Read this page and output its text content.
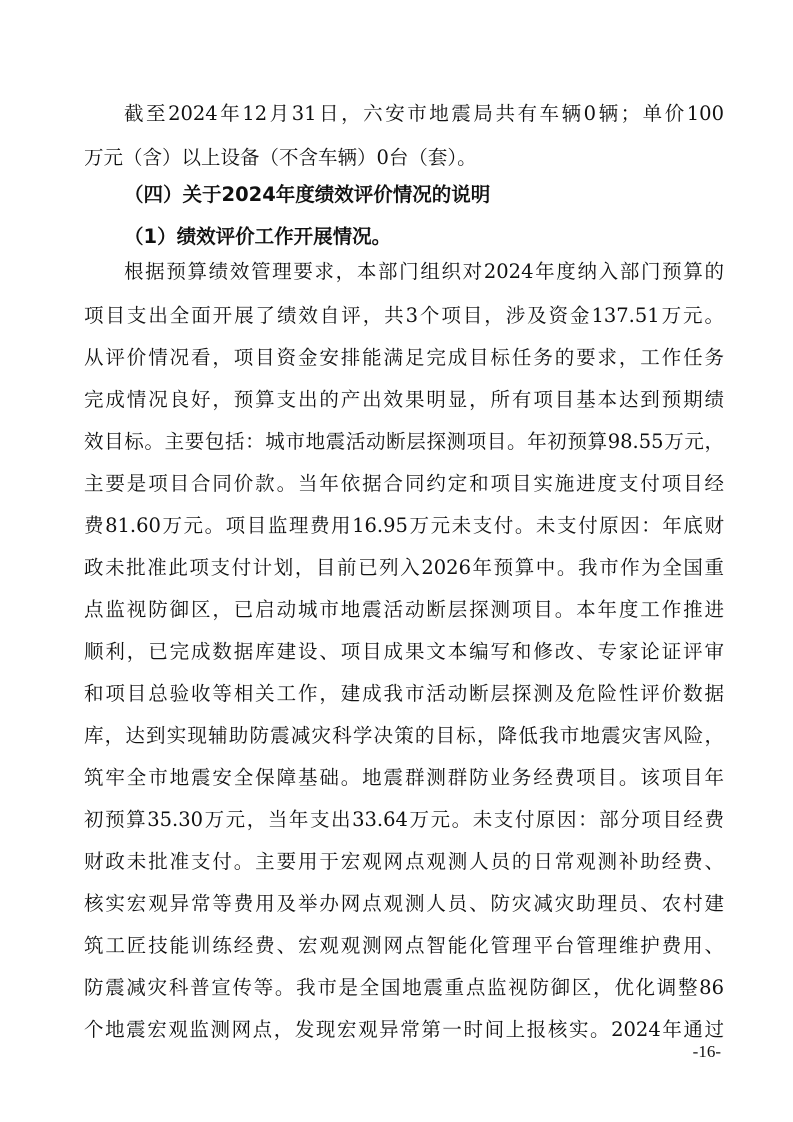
截至2024年12月31日，六安市地震局共有车辆0辆；单价100
万元（含）以上设备（不含车辆）0台（套）。
（四）关于2024年度绩效评价情况的说明
（1）绩效评价工作开展情况。
根据预算绩效管理要求，本部门组织对2024年度纳入部门预算的
项目支出全面开展了绩效自评，共3个项目，涉及资金137.51万元。
从评价情况看，项目资金安排能满足完成目标任务的要求，工作任务
完成情况良好，预算支出的产出效果明显，所有项目基本达到预期绩
效目标。主要包括：城市地震活动断层探测项目。年初预算98.55万元，
主要是项目合同价款。当年依据合同约定和项目实施进度支付项目经
费81.60万元。项目监理费用16.95万元未支付。未支付原因：年底财
政未批准此项支付计划，目前已列入2026年预算中。我市作为全国重
点监视防御区，已启动城市地震活动断层探测项目。本年度工作推进
顺利，已完成数据库建设、项目成果文本编写和修改、专家论证评审
和项目总验收等相关工作，建成我市活动断层探测及危险性评价数据
库，达到实现辅助防震减灾科学决策的目标，降低我市地震灾害风险，
筑牢全市地震安全保障基础。地震群测群防业务经费项目。该项目年
初预算35.30万元，当年支出33.64万元。未支付原因：部分项目经费
财政未批准支付。主要用于宏观网点观测人员的日常观测补助经费、
核实宏观异常等费用及举办网点观测人员、防灾减灾助理员、农村建
筑工匠技能训练经费、宏观观测网点智能化管理平台管理维护费用、
防震减灾科普宣传等。我市是全国地震重点监视防御区，优化调整86
个地震宏观监测网点，发现宏观异常第一时间上报核实。2024年通过
-16-
